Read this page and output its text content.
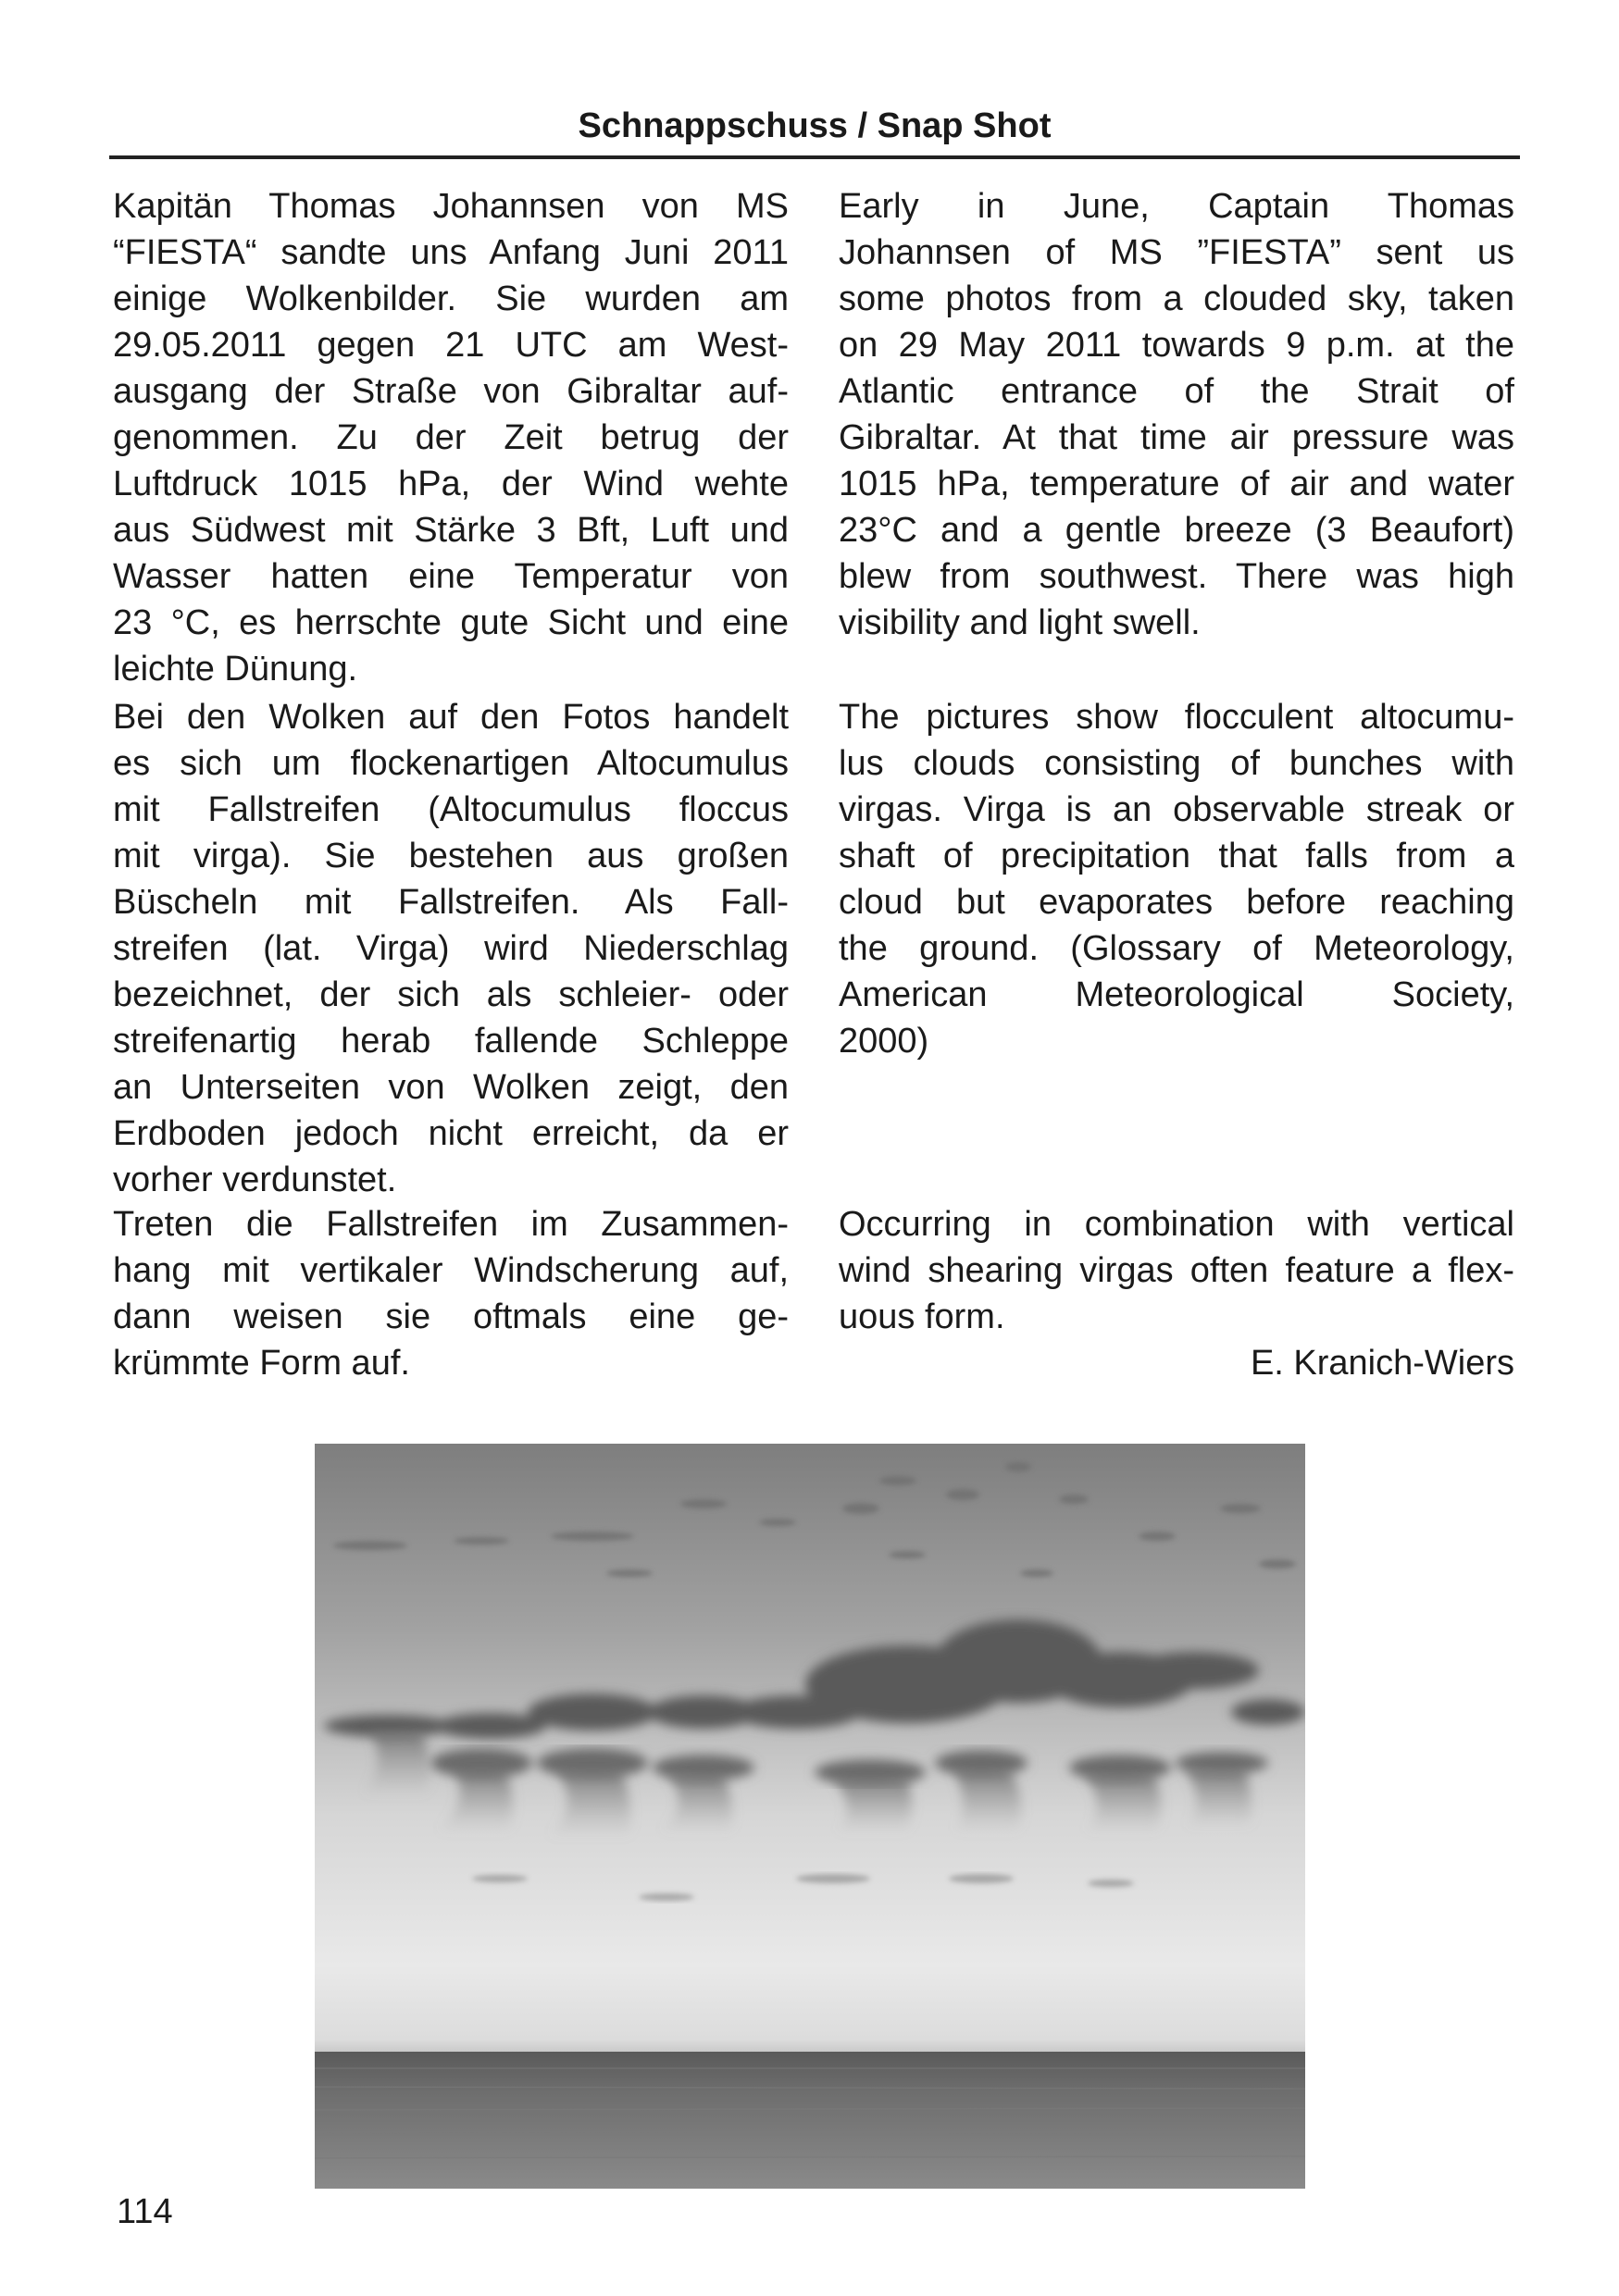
Schnappschuss / Snap Shot
Kapitän Thomas Johannsen von MS
“FIESTA“ sandte uns Anfang Juni 2011
einige Wolkenbilder. Sie wurden am
29.05.2011 gegen 21 UTC am West-
ausgang der Straße von Gibraltar auf-
genommen. Zu der Zeit betrug der
Luftdruck 1015 hPa, der Wind wehte
aus Südwest mit Stärke 3 Bft, Luft und
Wasser hatten eine Temperatur von
23 °C, es herrschte gute Sicht und eine
leichte Dünung.
Bei den Wolken auf den Fotos handelt
es sich um flockenartigen Altocumulus
mit Fallstreifen (Altocumulus floccus
mit virga). Sie bestehen aus großen
Büscheln mit Fallstreifen. Als Fall-
streifen (lat. Virga) wird Niederschlag
bezeichnet, der sich als schleier- oder
streifenartig herab fallende Schleppe
an Unterseiten von Wolken zeigt, den
Erdboden jedoch nicht erreicht, da er
vorher verdunstet.
Treten die Fallstreifen im Zusammen-
hang mit vertikaler Windscherung auf,
dann weisen sie oftmals eine ge-
krümmte Form auf.
Early in June, Captain Thomas
Johannsen of MS ”FIESTA” sent us
some photos from a clouded sky, taken
on 29 May 2011 towards 9 p.m. at the
Atlantic entrance of the Strait of
Gibraltar. At that time air pressure was
1015 hPa, temperature of air and water
23°C and a gentle breeze (3 Beaufort)
blew from southwest. There was high
visibility and light swell.
The pictures show flocculent altocumu-
lus clouds consisting of bunches with
virgas. Virga is an observable streak or
shaft of precipitation that falls from a
cloud but evaporates before reaching
the ground. (Glossary of Meteorology,
American Meteorological Society,
2000)
Occurring in combination with vertical
wind shearing virgas often feature a flex-
uous form.
E. Kranich-Wiers
114
